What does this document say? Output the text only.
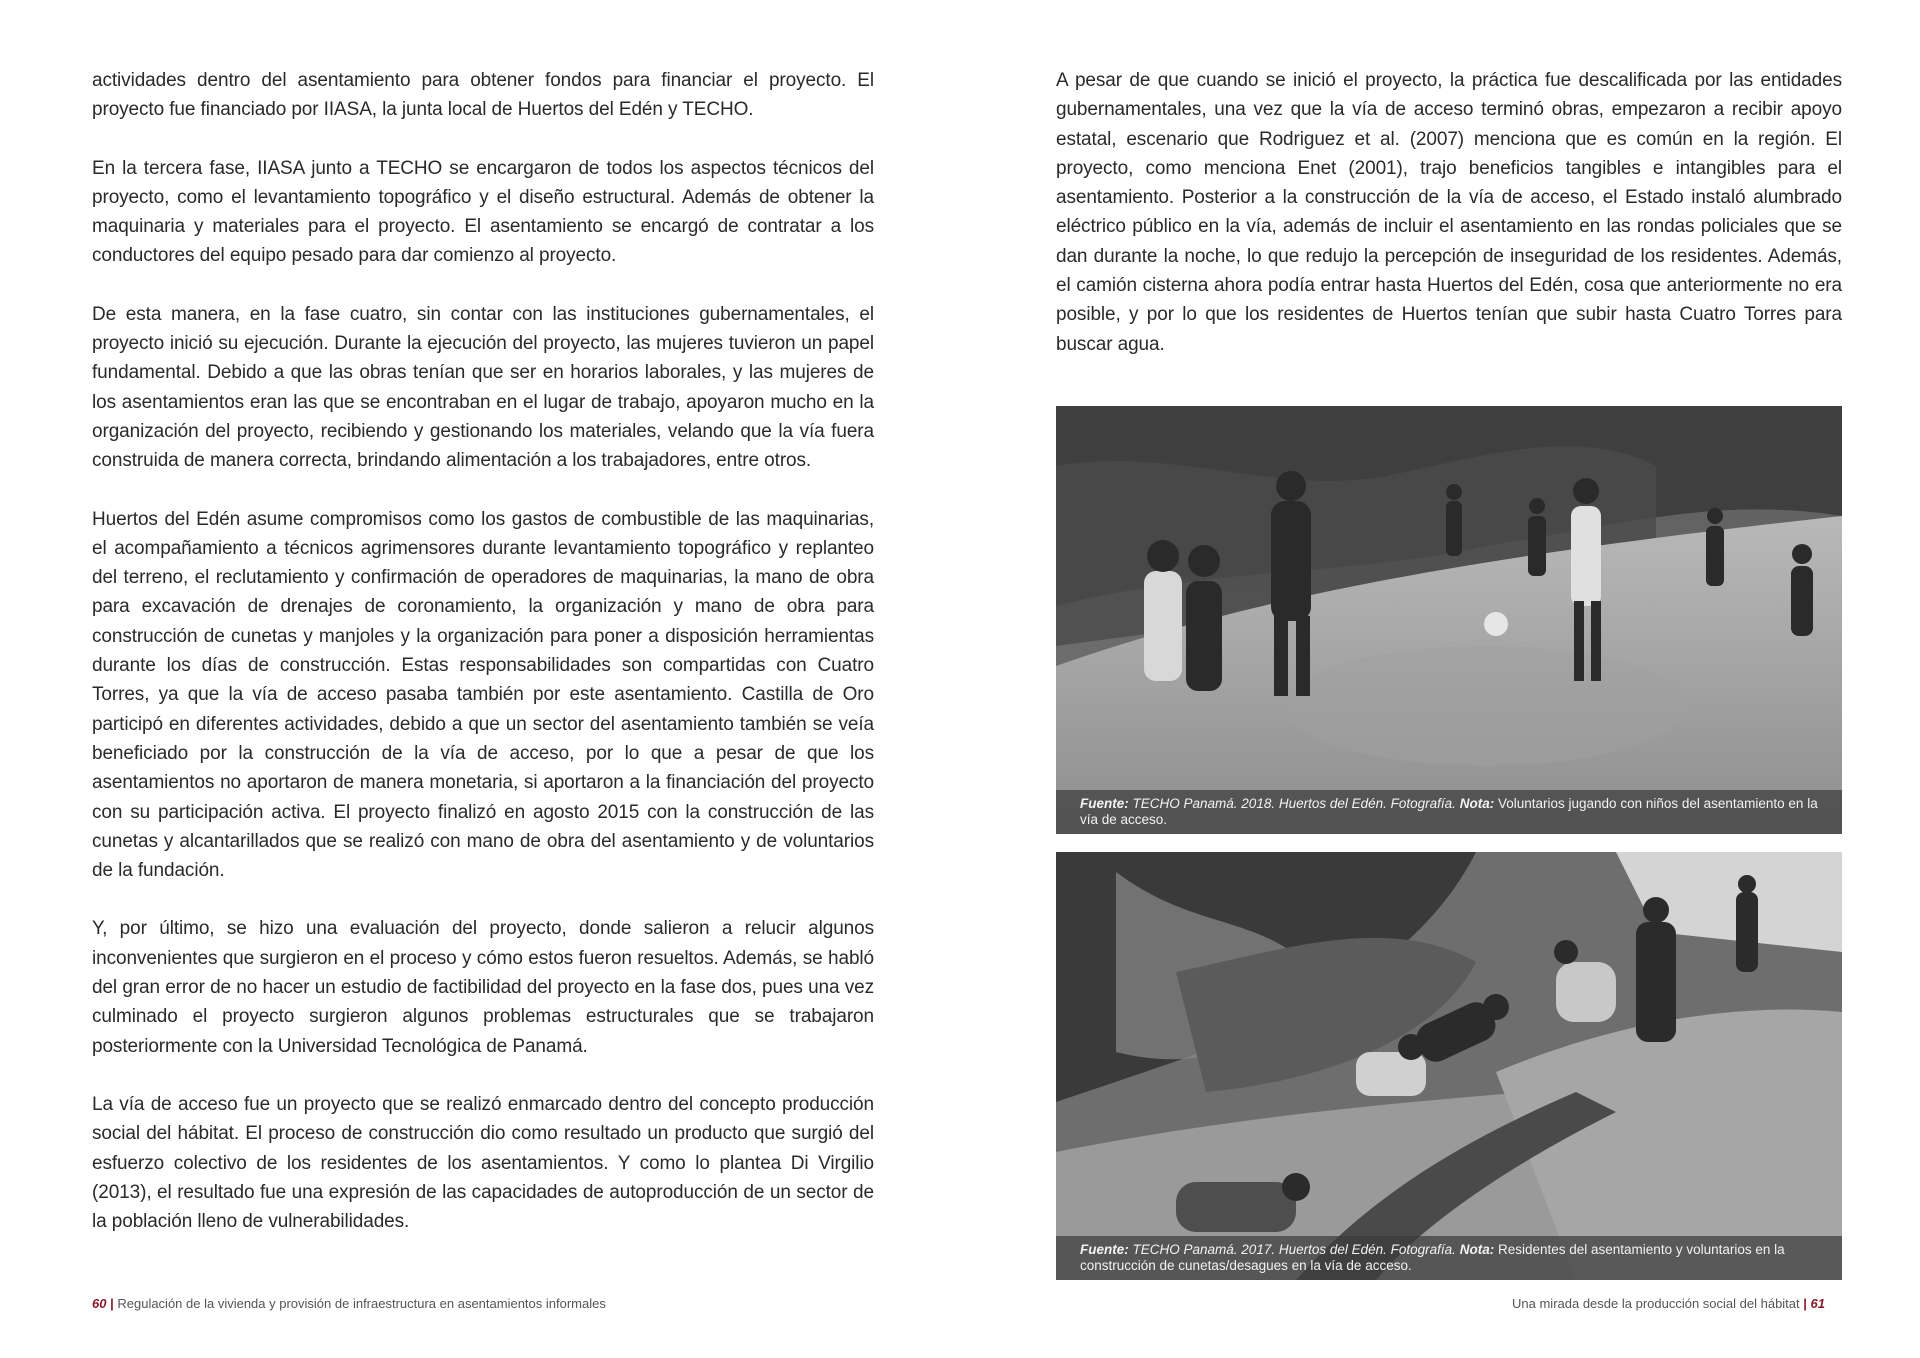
actividades dentro del asentamiento para obtener fondos para financiar el proyecto. El proyecto fue financiado por IIASA, la junta local de Huertos del Edén y TECHO.

En la tercera fase, IIASA junto a TECHO se encargaron de todos los aspectos técnicos del proyecto, como el levantamiento topográfico y el diseño estructural. Además de obtener la maquinaria y materiales para el proyecto. El asentamiento se encargó de contratar a los conductores del equipo pesado para dar comienzo al proyecto.

De esta manera, en la fase cuatro, sin contar con las instituciones gubernamentales, el proyecto inició su ejecución. Durante la ejecución del proyecto, las mujeres tuvieron un papel fundamental. Debido a que las obras tenían que ser en horarios laborales, y las mujeres de los asentamientos eran las que se encontraban en el lugar de trabajo, apoyaron mucho en la organización del proyecto, recibiendo y gestionando los materiales, velando que la vía fuera construida de manera correcta, brindando alimentación a los trabajadores, entre otros.

Huertos del Edén asume compromisos como los gastos de combustible de las maquinarias, el acompañamiento a técnicos agrimensores durante levantamiento topográfico y replanteo del terreno, el reclutamiento y confirmación de operadores de maquinarias, la mano de obra para excavación de drenajes de coronamiento, la organización y mano de obra para construcción de cunetas y manjoles y la organización para poner a disposición herramientas durante los días de construcción. Estas responsabilidades son compartidas con Cuatro Torres, ya que la vía de acceso pasaba también por este asentamiento. Castilla de Oro participó en diferentes actividades, debido a que un sector del asentamiento también se veía beneficiado por la construcción de la vía de acceso, por lo que a pesar de que los asentamientos no aportaron de manera monetaria, si aportaron a la financiación del proyecto con su participación activa. El proyecto finalizó en agosto 2015 con la construcción de las cunetas y alcantarillados que se realizó con mano de obra del asentamiento y de voluntarios de la fundación.

Y, por último, se hizo una evaluación del proyecto, donde salieron a relucir algunos inconvenientes que surgieron en el proceso y cómo estos fueron resueltos. Además, se habló del gran error de no hacer un estudio de factibilidad del proyecto en la fase dos, pues una vez culminado el proyecto surgieron algunos problemas estructurales que se trabajaron posteriormente con la Universidad Tecnológica de Panamá.

La vía de acceso fue un proyecto que se realizó enmarcado dentro del concepto producción social del hábitat. El proceso de construcción dio como resultado un producto que surgió del esfuerzo colectivo de los residentes de los asentamientos. Y como lo plantea Di Virgilio (2013), el resultado fue una expresión de las capacidades de autoproducción de un sector de la población lleno de vulnerabilidades.

60 | Regulación de la vivienda y provisión de infraestructura en asentamientos informales

A pesar de que cuando se inició el proyecto, la práctica fue descalificada por las entidades gubernamentales, una vez que la vía de acceso terminó obras, empezaron a recibir apoyo estatal, escenario que Rodriguez et al. (2007) menciona que es común en la región. El proyecto, como menciona Enet (2001), trajo beneficios tangibles e intangibles para el asentamiento. Posterior a la construcción de la vía de acceso, el Estado instaló alumbrado eléctrico público en la vía, además de incluir el asentamiento en las rondas policiales que se dan durante la noche, lo que redujo la percepción de inseguridad de los residentes. Además, el camión cisterna ahora podía entrar hasta Huertos del Edén, cosa que anteriormente no era posible, y por lo que los residentes de Huertos tenían que subir hasta Cuatro Torres para buscar agua.

Fuente: TECHO Panamá. 2018. Huertos del Edén. Fotografía. Nota: Voluntarios jugando con niños del asentamiento en la vía de acceso.
Fuente: TECHO Panamá. 2017. Huertos del Edén. Fotografía. Nota: Residentes del asentamiento y voluntarios en la construcción de cunetas/desagues en la vía de acceso.
Una mirada desde la producción social del hábitat | 61
